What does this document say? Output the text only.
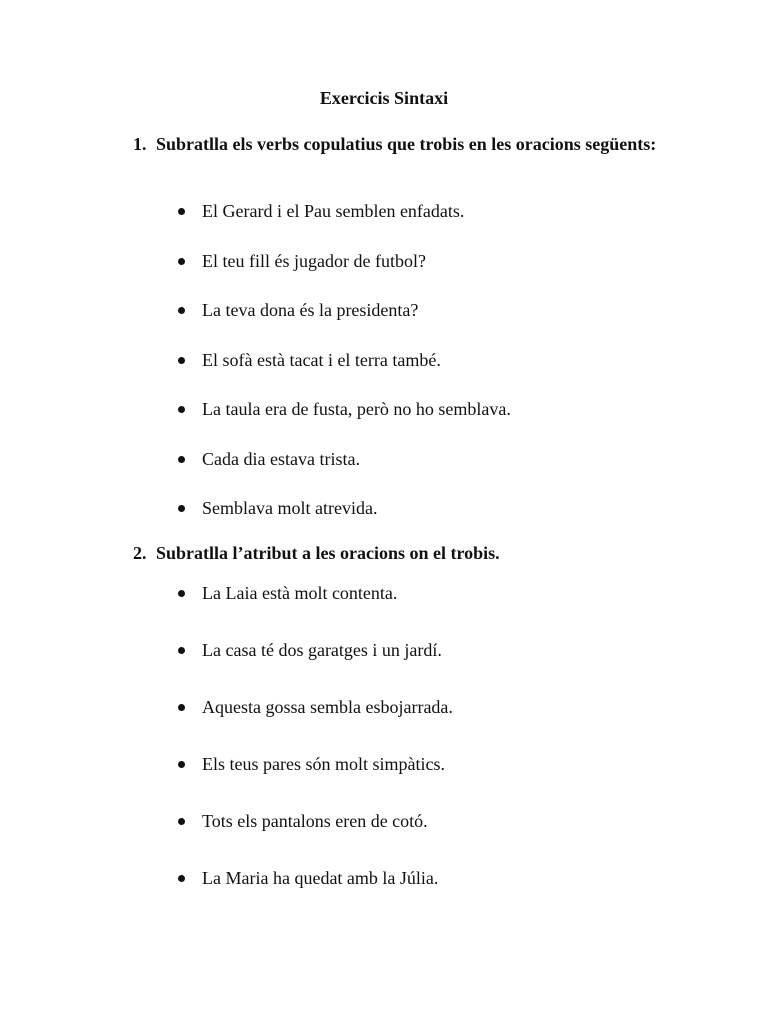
Exercicis Sintaxi
1. Subratlla els verbs copulatius que trobis en les oracions següents:
El Gerard i el Pau semblen enfadats.
El teu fill és jugador de futbol?
La teva dona és la presidenta?
El sofà està tacat i el terra també.
La taula era de fusta, però no ho semblava.
Cada dia estava trista.
Semblava molt atrevida.
2. Subratlla l’atribut a les oracions on el trobis.
La Laia està molt contenta.
La casa té dos garatges i un jardí.
Aquesta gossa sembla esbojarrada.
Els teus pares són molt simpàtics.
Tots els pantalons eren de cotó.
La Maria ha quedat amb la Júlia.
